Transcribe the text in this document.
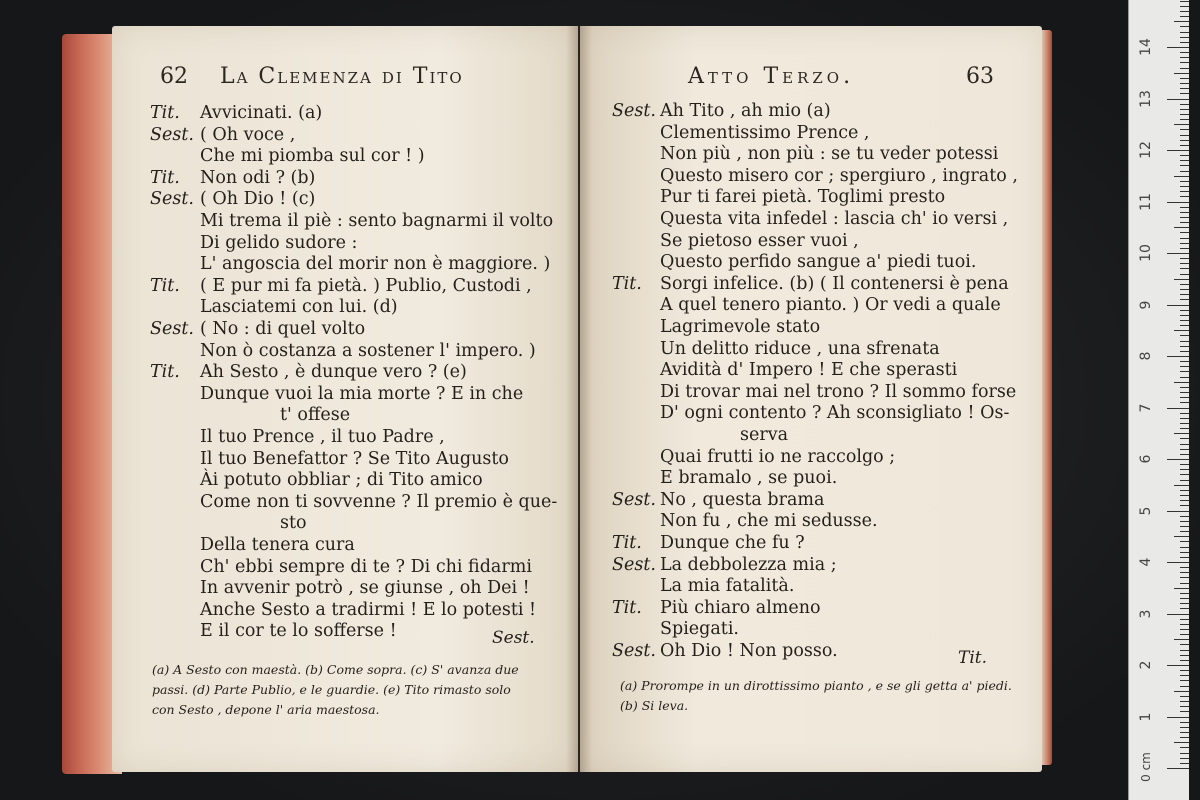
62 La Clemenza di Tito	Atto Terzo.	63
Tit. Avvicinati. (a)
Sest. ( Oh voce ,
Che mi piomba sul cor ! )
Tit. Non odi ? (b)
Sest. ( Oh Dio ! (c)
Mi trema il piè : sento bagnarmi il volto
Di gelido sudore :
L' angoscia del morir non è maggiore. )
Tit. ( E pur mi fa pietà. ) Publio, Custodi ,
Lasciatemi con lui. (d)
Sest. ( No : di quel volto
Non ò costanza a sostener l' impero. )
Tit. Ah Sesto , è dunque vero ? (e)
Dunque vuoi la mia morte ? E in che
t' offese
Il tuo Prence , il tuo Padre ,
Il tuo Benefattor ? Se Tito Augusto
Ài potuto obbliar ; di Tito amico
Come non ti sovvenne ? Il premio è que-
sto
Della tenera cura
Ch' ebbi sempre di te ? Di chi fidarmi
In avvenir potrò , se giunse , oh Dei !
Anche Sesto a tradirmi ! E lo potesti !
E il cor te lo sofferse !	Sest.
(a) A Sesto con maestà. (b) Come sopra. (c) S' avanza due
passi. (d) Parte Publio, e le guardie. (e) Tito rimasto solo
con Sesto , depone l' aria maestosa.
Sest. Ah Tito , ah mio (a)
Clementissimo Prence ,
Non più , non più : se tu veder potessi
Questo misero cor ; spergiuro , ingrato ,
Pur ti farei pietà. Toglimi presto
Questa vita infedel : lascia ch' io versi ,
Se pietoso esser vuoi ,
Questo perfido sangue a' piedi tuoi.
Tit. Sorgi infelice. (b) ( Il contenersi è pena
A quel tenero pianto. ) Or vedi a quale
Lagrimevole stato
Un delitto riduce , una sfrenata
Avidità d' Impero ! E che sperasti
Di trovar mai nel trono ? Il sommo forse
D' ogni contento ? Ah sconsigliato ! Os-
serva
Quai frutti io ne raccolgo ;
E bramalo , se puoi.
Sest. No , questa brama
Non fu , che mi sedusse.
Tit. Dunque che fu ?
Sest. La debbolezza mia ;
La mia fatalità.
Tit. Più chiaro almeno
Spiegati.
Sest. Oh Dio ! Non posso.	Tit.
(a) Prorompe in un dirottissimo pianto , e se gli getta a' piedi.
(b) Si leva.
0 cm
1
2
3
4
5
6
7
8
9
10
11
12
13
14
